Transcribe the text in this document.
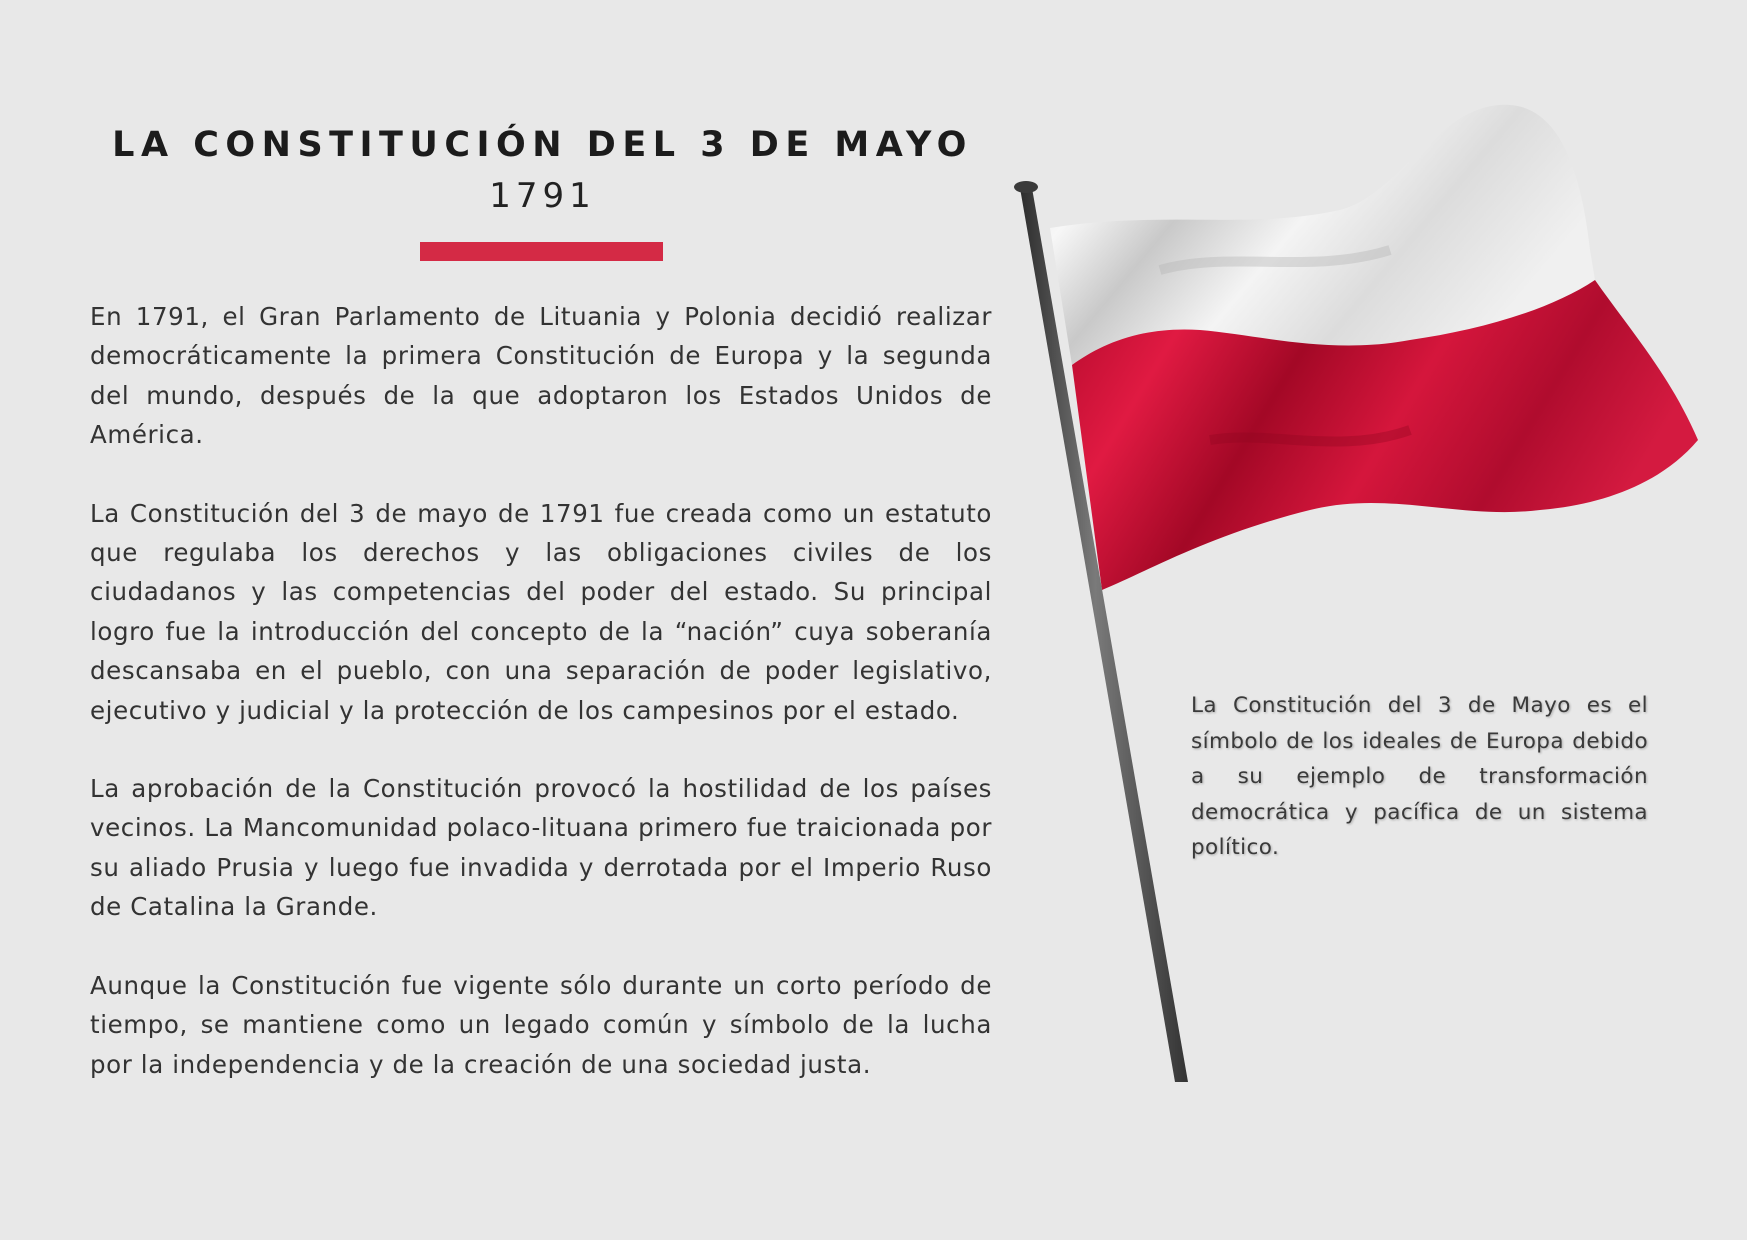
LA CONSTITUCIÓN DEL 3 DE MAYO
1791

En 1791, el Gran Parlamento de Lituania y Polonia decidió realizar democráticamente la primera Constitución de Europa y la segunda del mundo, después de la que adoptaron los Estados Unidos de América.

La Constitución del 3 de mayo de 1791 fue creada como un estatuto que regulaba los derechos y las obligaciones civiles de los ciudadanos y las competencias del poder del estado. Su principal logro fue la introducción del concepto de la “nación” cuya soberanía descansaba en el pueblo, con una separación de poder legislativo, ejecutivo y judicial y la protección de los campesinos por el estado.

La aprobación de la Constitución provocó la hostilidad de los países vecinos. La Mancomunidad polaco-lituana primero fue traicionada por su aliado Prusia y luego fue invadida y derrotada por el Imperio Ruso de Catalina la Grande.

Aunque la Constitución fue vigente sólo durante un corto período de tiempo, se mantiene como un legado común y símbolo de la lucha por la independencia y de la creación de una sociedad justa.

La Constitución del 3 de Mayo es el símbolo de los ideales de Europa debido a su ejemplo de transformación democrática y pacífica de un sistema político.
